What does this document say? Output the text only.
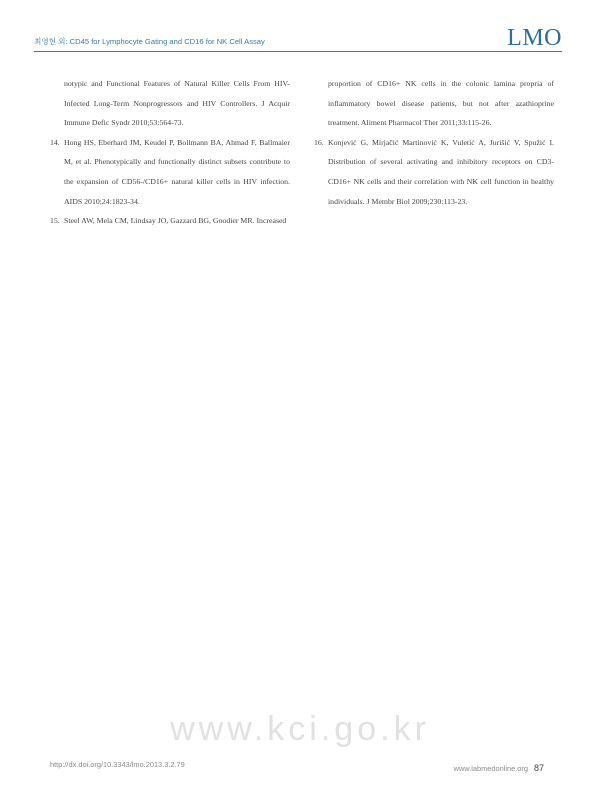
최영현 외: CD45 for Lymphocyte Gating and CD16 for NK Cell Assay	LMO
notypic and Functional Features of Natural Killer Cells From HIV-Infected Long-Term Nonprogressors and HIV Controllers. J Acquir Immune Defic Syndr 2010;53:564-73.
14. Hong HS, Eberhard JM, Keudel P, Bollmann BA, Ahmad F, Ballmaier M, et al. Phenotypically and functionally distinct subsets contribute to the expansion of CD56-/CD16+ natural killer cells in HIV infection. AIDS 2010;24:1823-34.
15. Steel AW, Mela CM, Lindsay JO, Gazzard BG, Goodier MR. Increased
proportion of CD16+ NK cells in the colonic lamina propria of inflammatory bowel disease patients, but not after azathioprine treatment. Aliment Pharmacol Ther 2011;33:115-26.
16. Konjević G, Mirjačić Martinović K, Vuletić A, Jurišić V, Spužić I. Distribution of several activating and inhibitory receptors on CD3-CD16+ NK cells and their correlation with NK cell function in healthy individuals. J Membr Biol 2009;230:113-23.
www.kci.go.kr
http://dx.doi.org/10.3343/lmo.2013.3.2.79	www.labmedonline.org 87
